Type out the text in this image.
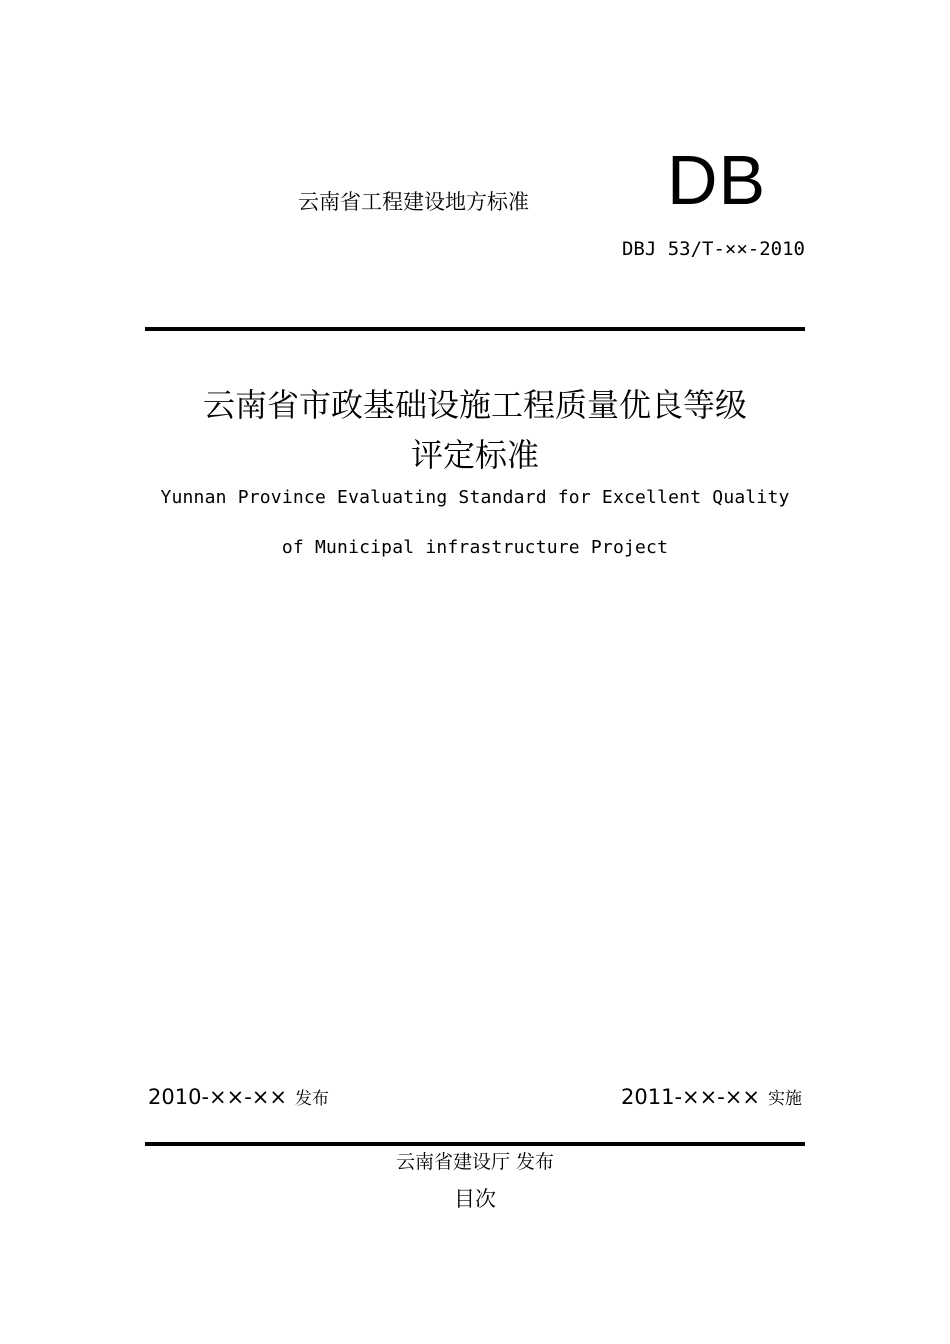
云南省工程建设地方标准 DB
DBJ 53/T-××-2010
云南省市政基础设施工程质量优良等级
评定标准
Yunnan Province Evaluating Standard for Excellent Quality
of Municipal infrastructure Project
2010-××-×× 发布	2011-××-×× 实施
云南省建设厅 发布
目次
